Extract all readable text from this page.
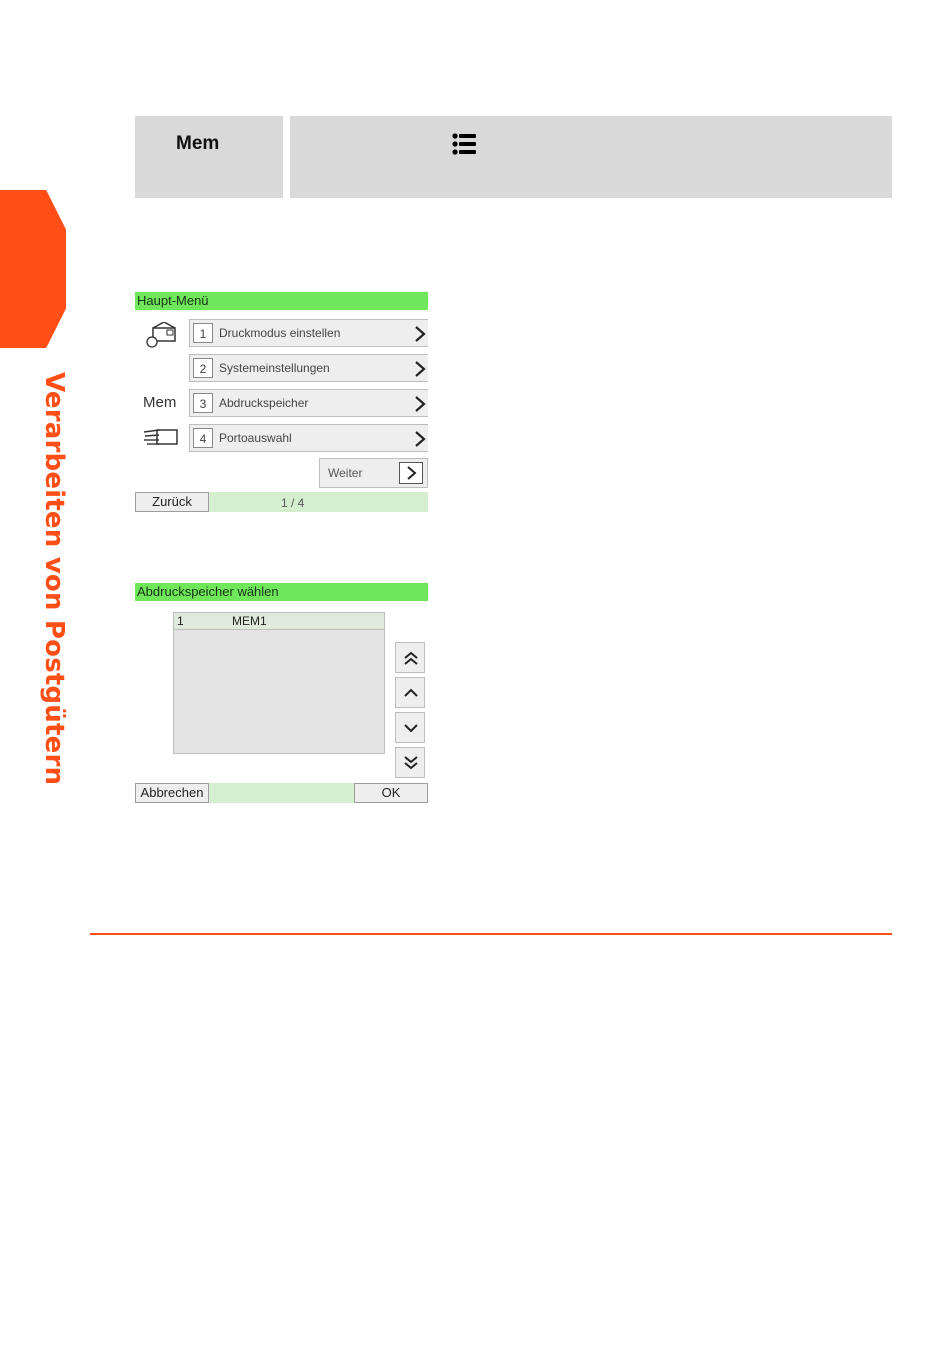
Verarbeiten von Postgütern
Mem
Haupt-Menü
1	Druckmodus einstellen
2	Systemeinstellungen
Mem	3	Abdruckspeicher
4	Portoauswahl
Weiter
Zurück	1 / 4
Abdruckspeicher wählen
1	MEM1
Abbrechen	OK
